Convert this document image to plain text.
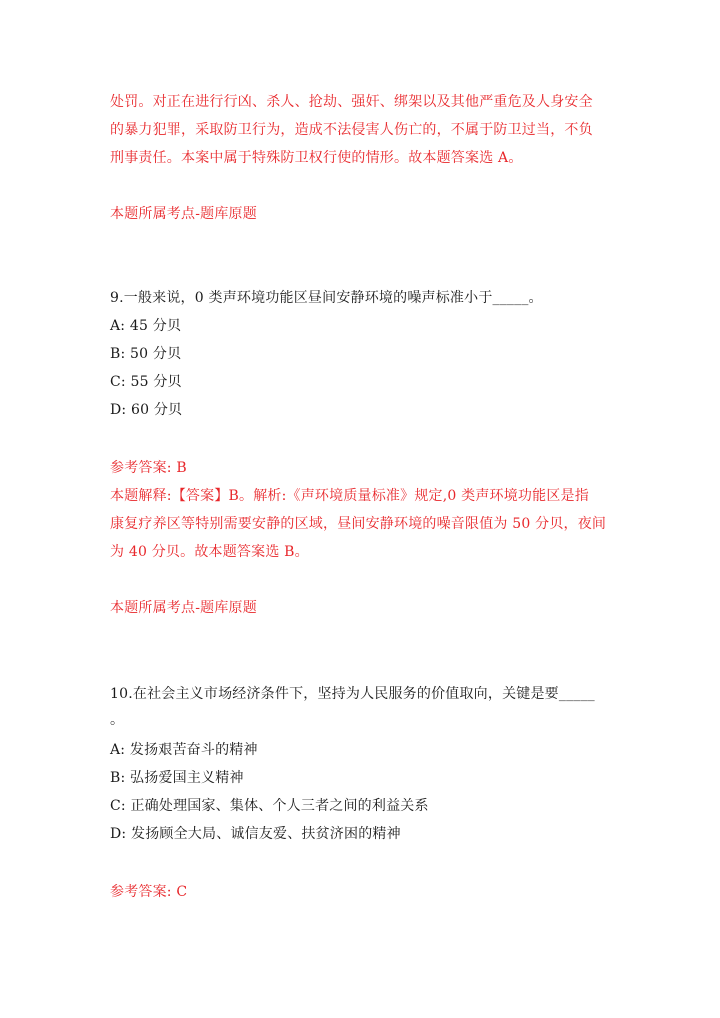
处罚。对正在进行行凶、杀人、抢劫、强奸、绑架以及其他严重危及人身安全
的暴力犯罪，采取防卫行为，造成不法侵害人伤亡的，不属于防卫过当，不负
刑事责任。本案中属于特殊防卫权行使的情形。故本题答案选 A。
本题所属考点-题库原题
9.一般来说，0 类声环境功能区昼间安静环境的噪声标准小于_____。
A: 45 分贝
B: 50 分贝
C: 55 分贝
D: 60 分贝
参考答案: B
本题解释:【答案】B。解析:《声环境质量标准》规定,0 类声环境功能区是指
康复疗养区等特别需要安静的区域，昼间安静环境的噪音限值为 50 分贝，夜间
为 40 分贝。故本题答案选 B。
本题所属考点-题库原题
10.在社会主义市场经济条件下，坚持为人民服务的价值取向，关键是要_____
。
A: 发扬艰苦奋斗的精神
B: 弘扬爱国主义精神
C: 正确处理国家、集体、个人三者之间的利益关系
D: 发扬顾全大局、诚信友爱、扶贫济困的精神
参考答案: C
